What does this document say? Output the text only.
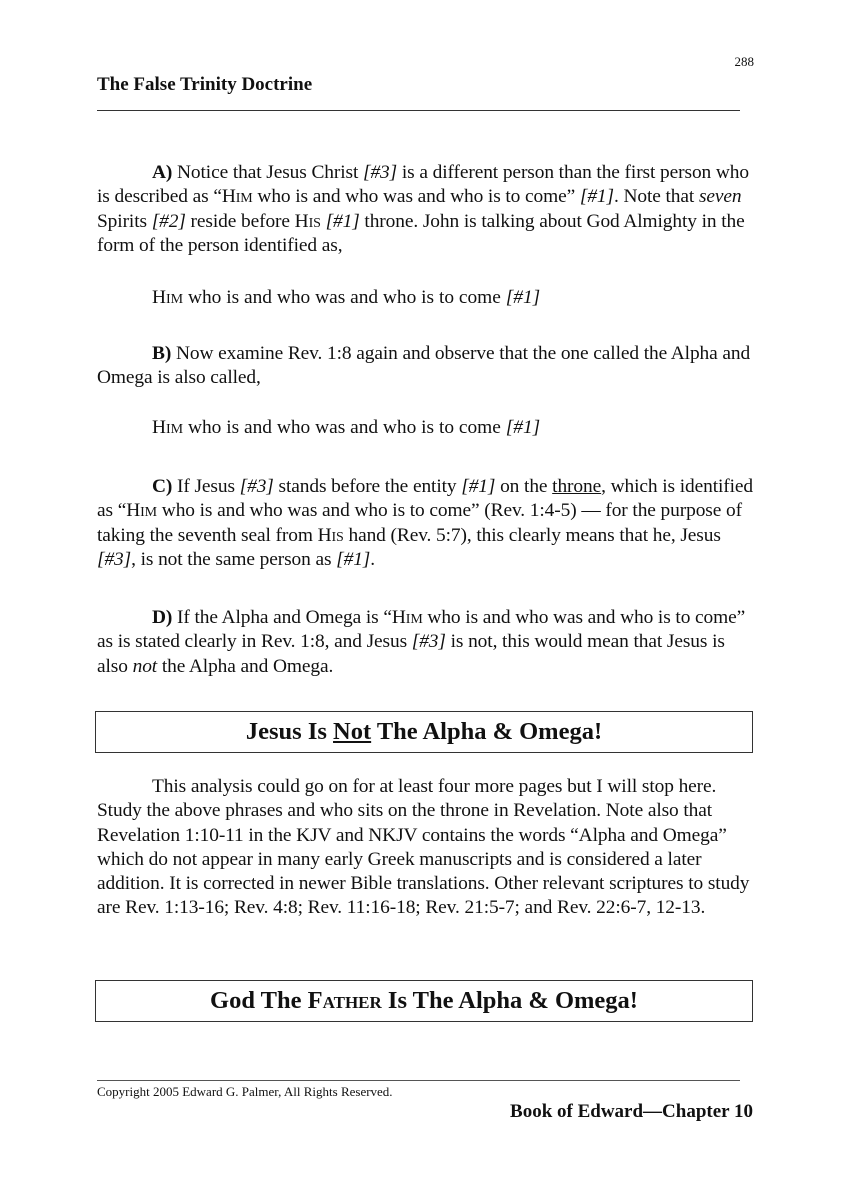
288
The False Trinity Doctrine
A) Notice that Jesus Christ [#3] is a different person than the first person who is described as “Him who is and who was and who is to come” [#1]. Note that seven Spirits [#2] reside before His [#1] throne. John is talking about God Almighty in the form of the person identified as,
Him who is and who was and who is to come [#1]
B) Now examine Rev. 1:8 again and observe that the one called the Alpha and Omega is also called,
Him who is and who was and who is to come [#1]
C) If Jesus [#3] stands before the entity [#1] on the throne, which is identified as “Him who is and who was and who is to come” (Rev. 1:4-5) — for the purpose of taking the seventh seal from His hand (Rev. 5:7), this clearly means that he, Jesus [#3], is not the same person as [#1].
D) If the Alpha and Omega is “Him who is and who was and who is to come” as is stated clearly in Rev. 1:8, and Jesus [#3] is not, this would mean that Jesus is also not the Alpha and Omega.
Jesus Is Not The Alpha & Omega!
This analysis could go on for at least four more pages but I will stop here. Study the above phrases and who sits on the throne in Revelation. Note also that Revelation 1:10-11 in the KJV and NKJV contains the words “Alpha and Omega” which do not appear in many early Greek manuscripts and is considered a later addition. It is corrected in newer Bible translations. Other relevant scriptures to study are Rev. 1:13-16; Rev. 4:8; Rev. 11:16-18; Rev. 21:5-7; and Rev. 22:6-7, 12-13.
God The Father Is The Alpha & Omega!
Copyright 2005 Edward G. Palmer, All Rights Reserved.
Book of Edward—Chapter 10
